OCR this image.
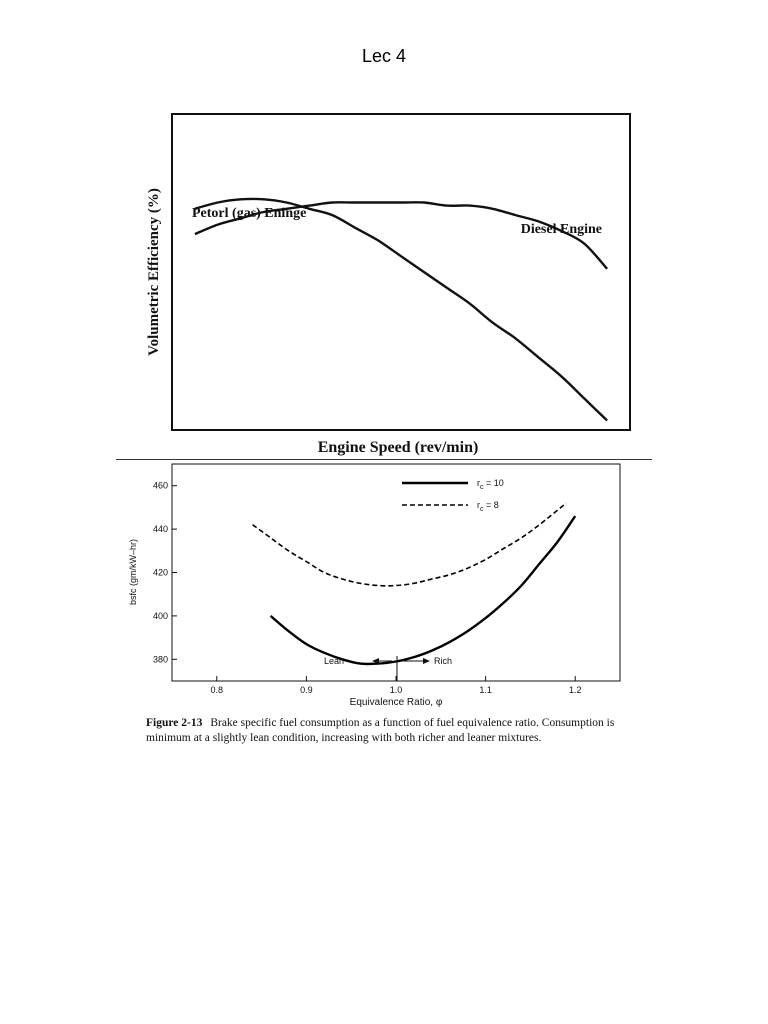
Lec 4
Volumetric Efficiency (%)
Engine Speed (rev/min)
Petorl (gas) Eninge
Diesel Engine
bsfc (gm/kW–hr)
Equivalence Ratio, φ
0.8	0.9	1.0	1.1	1.2
380
400
420
440
460	$r_c = 10$
$r_c = 8$
Lean	Rich
Figure 2-13 Brake specific fuel consumption as a function of fuel equivalence ratio. Consumption is minimum at a slightly lean condition, increasing with both richer and leaner mixtures.
